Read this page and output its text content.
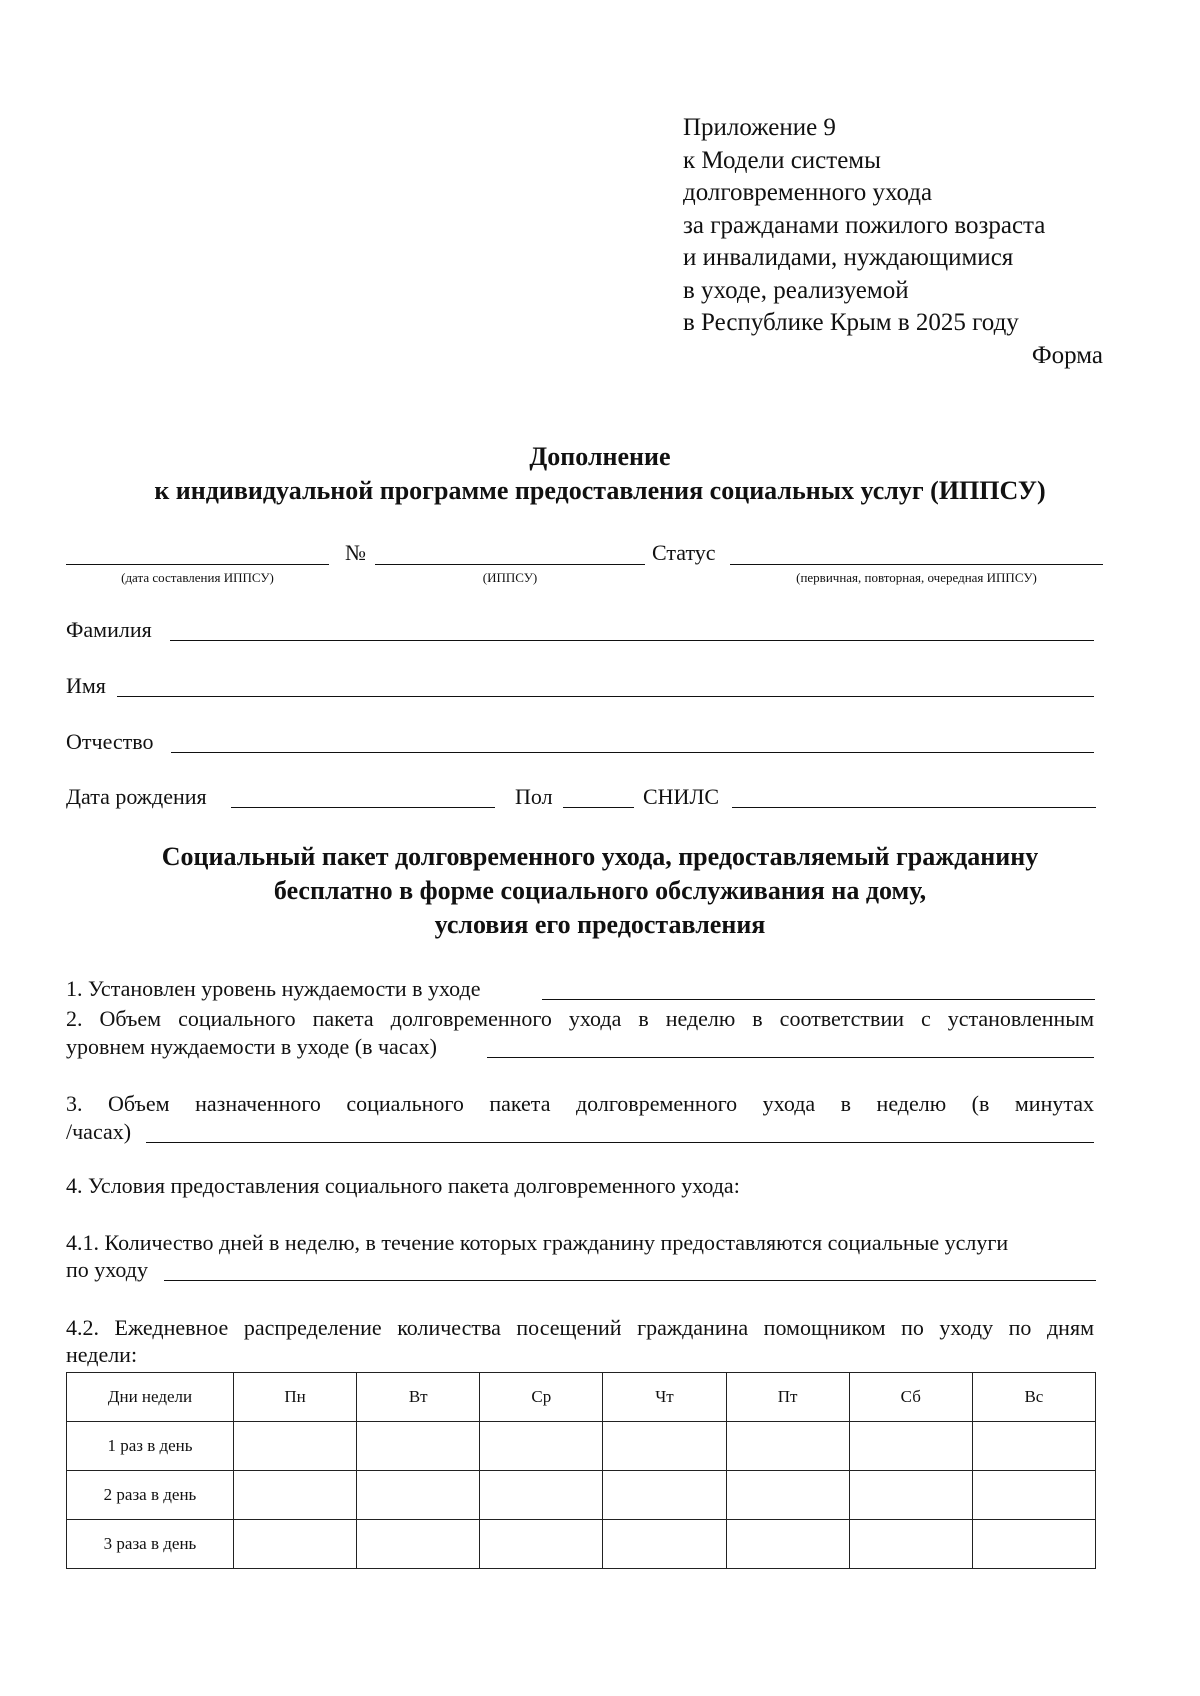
Приложение 9
к Модели системы
долговременного ухода
за гражданами пожилого возраста
и инвалидами, нуждающимися
в уходе, реализуемой
в Республике Крым в 2025 году
Форма
Дополнение
к индивидуальной программе предоставления социальных услуг (ИППСУ)
№	Статус
(дата составления ИППСУ)	(ИППСУ)	(первичная, повторная, очередная ИППСУ)
Фамилия
Имя
Отчество
Дата рождения	Пол	СНИЛС
Социальный пакет долговременного ухода, предоставляемый гражданину
бесплатно в форме социального обслуживания на дому,
условия его предоставления
1. Установлен уровень нуждаемости в уходе
2. Объем социального пакета долговременного ухода в неделю в соответствии с установленным
уровнем нуждаемости в уходе (в часах)
3. Объем назначенного социального пакета долговременного ухода в неделю (в минутах
/часах)
4. Условия предоставления социального пакета долговременного ухода:
4.1. Количество дней в неделю, в течение которых гражданину предоставляются социальные услуги
по уходу
4.2. Ежедневное распределение количества посещений гражданина помощником по уходу по дням
недели:
Дни недели	Пн	Вт	Ср	Чт	Пт	Сб	Вс
1 раз в день							
2 раза в день							
3 раза в день							
